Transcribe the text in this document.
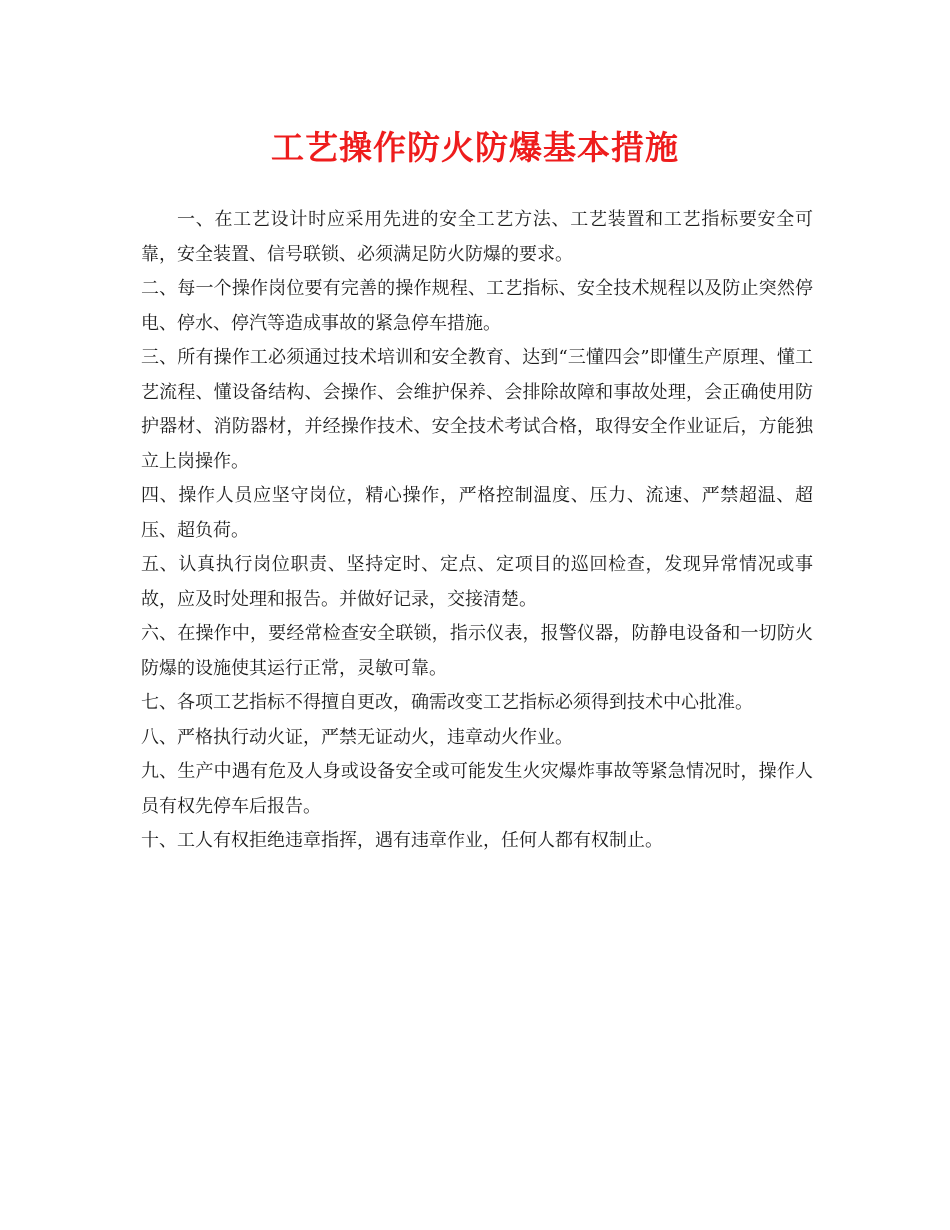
工艺操作防火防爆基本措施

一、在工艺设计时应采用先进的安全工艺方法、工艺装置和工艺指标要安全可靠，安全装置、信号联锁、必须满足防火防爆的要求。

二、每一个操作岗位要有完善的操作规程、工艺指标、安全技术规程以及防止突然停电、停水、停汽等造成事故的紧急停车措施。

三、所有操作工必须通过技术培训和安全教育、达到“三懂四会”即懂生产原理、懂工艺流程、懂设备结构、会操作、会维护保养、会排除故障和事故处理，会正确使用防护器材、消防器材，并经操作技术、安全技术考试合格，取得安全作业证后，方能独立上岗操作。

四、操作人员应坚守岗位，精心操作，严格控制温度、压力、流速、严禁超温、超压、超负荷。

五、认真执行岗位职责、坚持定时、定点、定项目的巡回检查，发现异常情况或事故，应及时处理和报告。并做好记录，交接清楚。

六、在操作中，要经常检查安全联锁，指示仪表，报警仪器，防静电设备和一切防火防爆的设施使其运行正常，灵敏可靠。

七、各项工艺指标不得擅自更改，确需改变工艺指标必须得到技术中心批准。

八、严格执行动火证，严禁无证动火，违章动火作业。

九、生产中遇有危及人身或设备安全或可能发生火灾爆炸事故等紧急情况时，操作人员有权先停车后报告。

十、工人有权拒绝违章指挥，遇有违章作业，任何人都有权制止。
